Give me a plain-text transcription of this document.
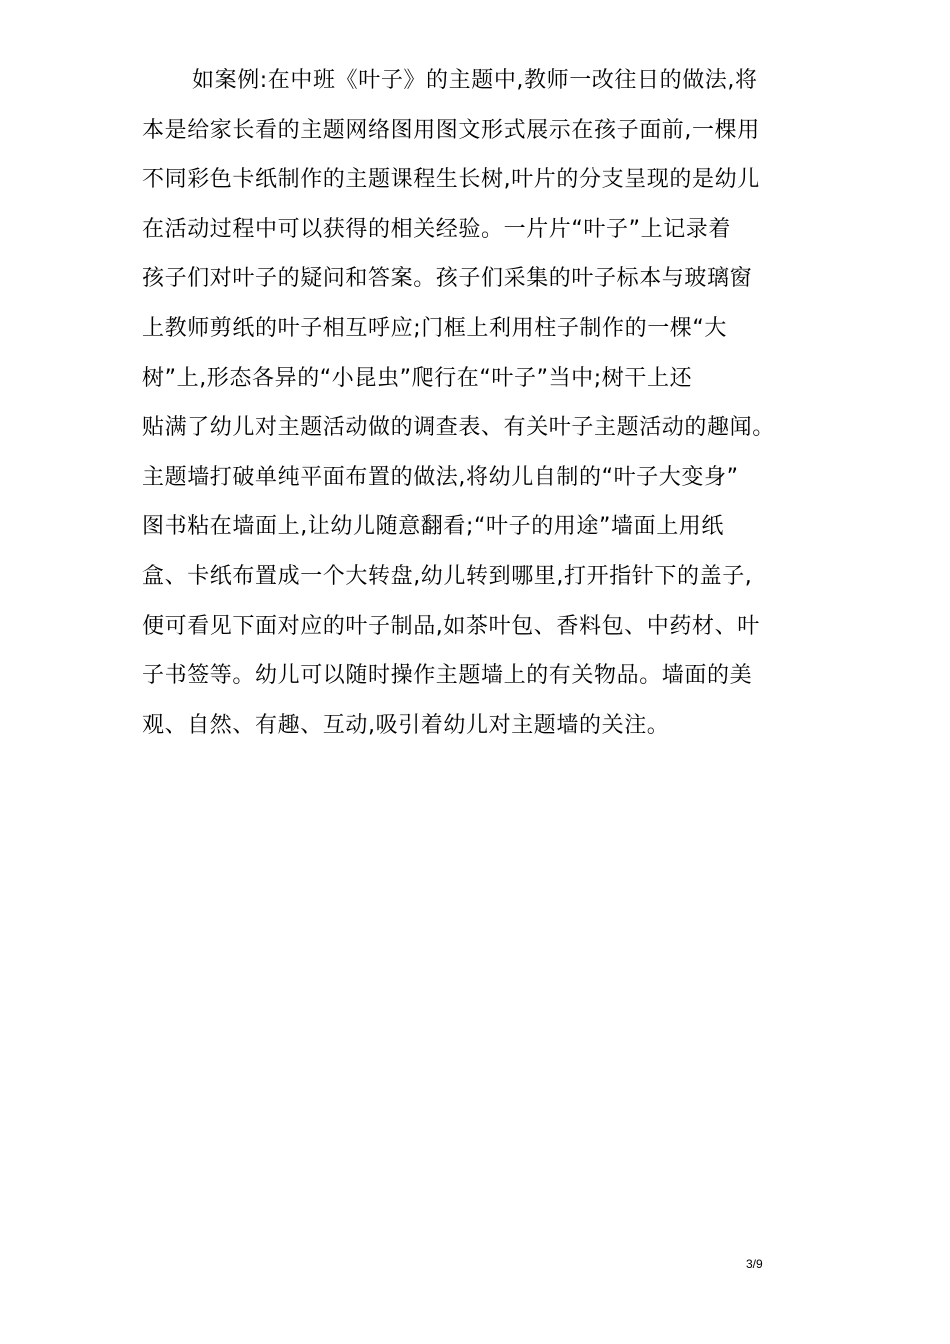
如案例:在中班《叶子》的主题中,教师一改往日的做法,将
本是给家长看的主题网络图用图文形式展示在孩子面前,一棵用
不同彩色卡纸制作的主题课程生长树,叶片的分支呈现的是幼儿
在活动过程中可以获得的相关经验。一片片“叶子”上记录着
孩子们对叶子的疑问和答案。孩子们采集的叶子标本与玻璃窗
上教师剪纸的叶子相互呼应;门框上利用柱子制作的一棵“大
树”上,形态各异的“小昆虫”爬行在“叶子”当中;树干上还
贴满了幼儿对主题活动做的调查表、有关叶子主题活动的趣闻。
主题墙打破单纯平面布置的做法,将幼儿自制的“叶子大变身”
图书粘在墙面上,让幼儿随意翻看;“叶子的用途”墙面上用纸
盒、卡纸布置成一个大转盘,幼儿转到哪里,打开指针下的盖子,
便可看见下面对应的叶子制品,如茶叶包、香料包、中药材、叶
子书签等。幼儿可以随时操作主题墙上的有关物品。墙面的美
观、自然、有趣、互动,吸引着幼儿对主题墙的关注。
3/9
